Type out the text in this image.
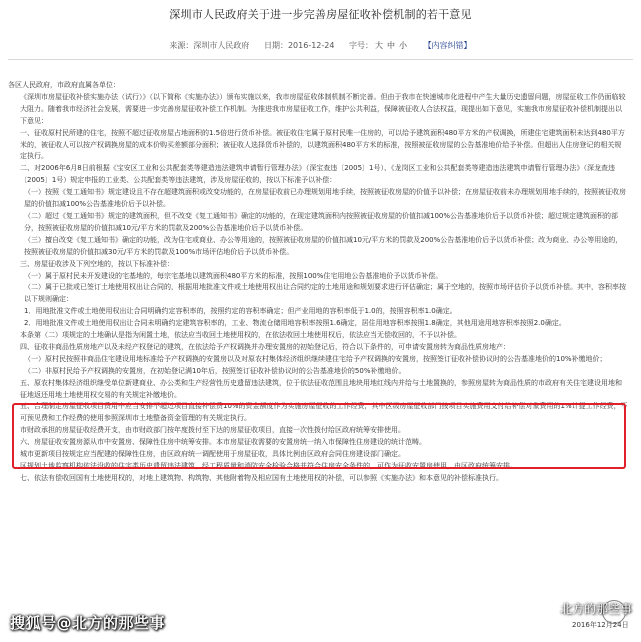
深圳市人民政府关于进一步完善房屋征收补偿机制的若干意见
来源：深圳市人民政府 日期：2016-12-24 字号： 大 中 小 【内容纠错】

各区人民政府，市政府直属各单位：

《深圳市房屋征收补偿实施办法（试行）》（以下简称《实施办法》）颁布实施以来，我市房屋征收体制机制不断完善。但由于我市在快速城市化进程中产生大量历史遗留问题，房屋征收工作仍面临较大阻力。随着我市经济社会发展，需要进一步完善房屋征收补偿工作机制。为推进我市房屋征收工作，维护公共利益，保障被征收人合法权益，现提出如下意见，实施我市房屋征收补偿机制提出以下意见：

一、征收原村民所建的住宅，按照不超过征收房屋占地面积的1.5倍进行货币补偿。被征收住宅属于原村民唯一住房的，可以给予建筑面积480平方米的产权调换，所建住宅建筑面积未达到480平方米的，被征收人可以按产权调换房屋的成本价购买差额部分面积；被征收人选择货币补偿的，以建筑面积480平方米的标准，按照被征收房屋的公告基准地价给予补偿。但超出人住房登记的相关规定执行。

二、对2006年6月8日前根据《宝安区工业和公共配套类等建造违法建筑申请暂行管理办法》（深宝查违〔2005〕1号）、《龙岗区工业和公共配套类等建造违法建筑申请暂行管理办法》（深龙查违〔2005〕1号）规定申报的工业类、公共配套类等违法建筑，涉及房屋征收的，按以下标准予以补偿：

（一）按照《复工通知书》规定建设且不存在超建筑面积或改变功能的，在房屋征收前已办理规划用地手续，按照被征收房屋的价值予以补偿；在房屋征收前未办理规划用地手续的，按照被征收房屋的价值扣减100%公告基准地价后予以补偿。

（二）超过《复工通知书》规定的建筑面积，但不改变《复工通知书》确定的功能的，在现定建筑面积内按照被征收房屋的价值扣减100%公告基准地价后予以货币补偿；超过规定建筑面积的部分，按照被征收房屋的价值扣减10元/平方米的罚款及200%公告基准地价后予以货币补偿。

（三）擅自改变《复工通知书》确定的功能，改为住宅或商业、办公等用途的，按照被征收房屋的价值扣减10元/平方米的罚款及200%公告基准地价后予以货币补偿；改为商业、办公等用途的，按照被征收房屋的价值扣减30元/平方米的罚款及100%市场评估地价后予以货币补偿。

三、房屋征收涉及下列空地的，按以下标准补偿：

（一）属于原村民未开发建设的宅基地的，每宗宅基地以建筑面积480平方米的标准，按照100%住宅用地公告基准地价予以货币补偿。

（二）属于已批或已签订土地使用权出让合同的，根据用地批准文件或土地使用权出让合同约定的土地用途和规划要求进行评估确定；属于空地的，按照市场评估价予以货币补偿。其中，容积率按以下规则确定：

1．用地批准文件或土地使用权出让合同明确约定容积率的，按照约定的容积率确定；但产业用地的容积率低于1.0的，按照容积率1.0确定。

2．用地批准文件或土地使用权出让合同未明确约定建筑容积率的，工业、物流仓储用地容积率按照1.6确定，居住用地容积率按照1.8确定，其他用途用地容积率按照2.0确定。

本条第（二）项规定的土地确认是指为闲置土地，依法应当收回土地使用权的，在依法收回土地使用权后，依法应当无偿收回的，不予以补偿。

四、征收非商品性质房地产以及未经产权登记的建筑，在依法给予产权调换并办理安置房的初始登记后，符合以下条件的，可申请安置房转为商品性质房地产：

（一）原村民按照非商品住宅建设用地标准给予产权调换的安置房以及对原农村集体经济组织继续建住宅给予产权调换的安置房，按照签订征收补偿协议时的公告基准地价的10%补缴地价；

（二）非原村民给予产权调换的安置房，在初始登记满10年后，按照签订征收补偿协议时的公告基准地价的50%补缴地价。

五、原农村集体经济组织继受单位新建商业、办公类和生产经营性历史遗留违法建筑，位于依法征收范围且地块用地红线内并给与土地置换的，参照房屋转为商品性质的市政府有关住宅建设用地和征地返还用地土地使用权交易的有关规定补缴地价。

五、合理制定房屋征收项目费用中应当安排不超过项目直接补偿费10%的资金额度作为实施房屋征收的工作经费，其中区级房屋征收部门按项目实施费用支付给补偿对象费用的1%计提工作经费，不可预见费和工作经费的使用参照深圳市土地整备资金管理的有关规定执行。

市财政承担的房屋征收经费开支，由市财政部门按年度拨付至下达的房屋征收项目，直接一次性拨付给区政府统筹安排使用。

六、房屋征收安置房源从市中安置房、保障性住房中统筹安排。本市房屋征收需要的安置房统一纳入市保障性住房建设的统计范畴。

城市更新项目按规定应当配建的保障性住房，由区政府统一调配使用于房屋征收，具体比例由区政府会同住房建设部门确定。

区规划土地监察机构依法没收的住宅类历史遗留违法建筑，经工程质量和消防安全检验合格并符合住房安全条件的，可作为征收安置房使用，由区政府统筹安排。

七、依法有偿收回国有土地使用权的，对地上建筑物、构筑物、其他附着物及相应国有土地使用权的补偿，可以参照《实施办法》和本意见的补偿标准执行。

北方的那些事
2016年12月24日
搜狐号@北方的那些事
